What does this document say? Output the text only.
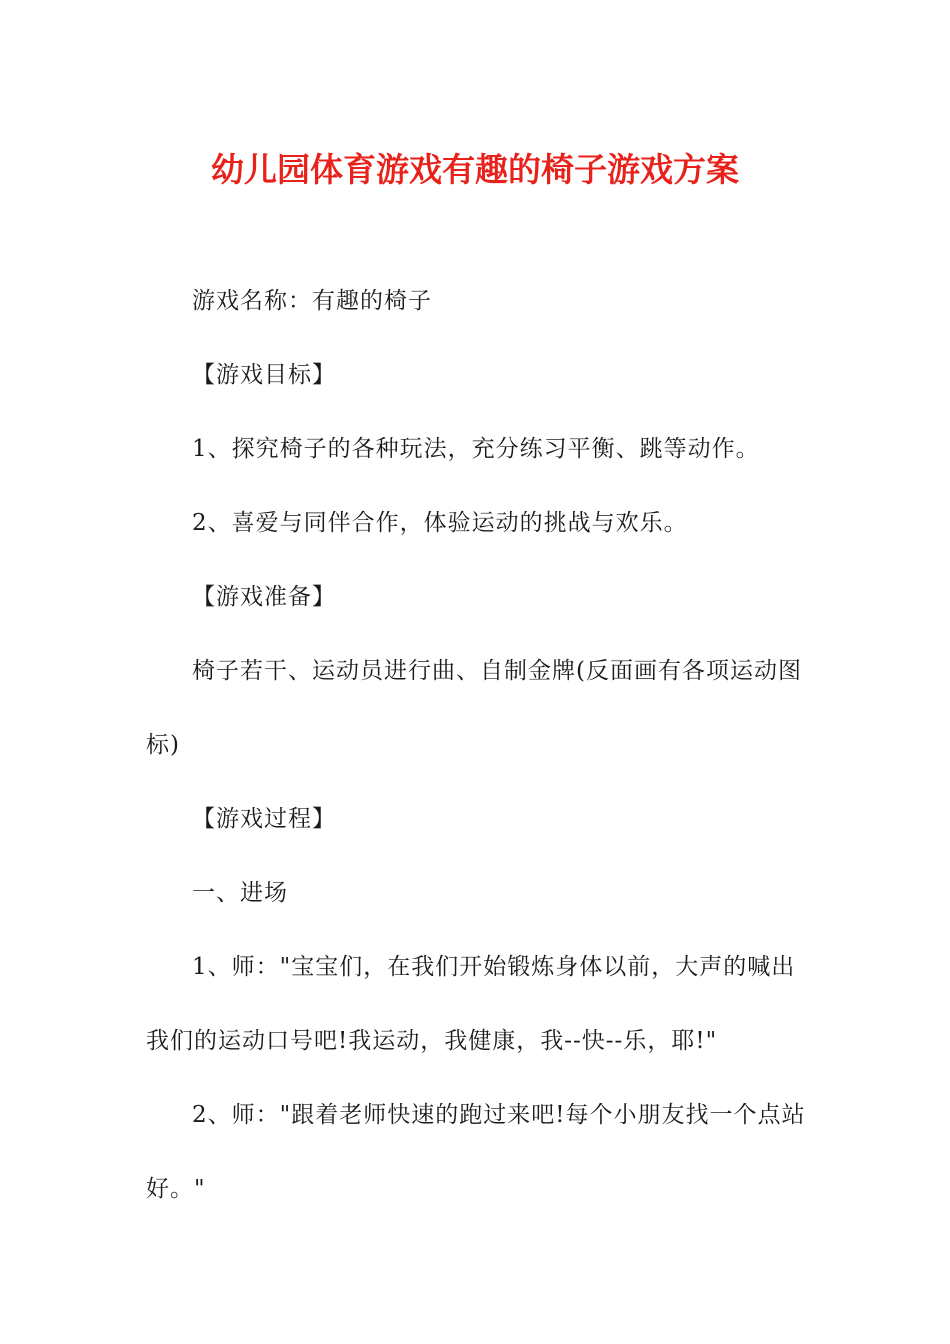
幼儿园体育游戏有趣的椅子游戏方案

游戏名称：有趣的椅子

【游戏目标】

1、探究椅子的各种玩法，充分练习平衡、跳等动作。

2、喜爱与同伴合作，体验运动的挑战与欢乐。

【游戏准备】

椅子若干、运动员进行曲、自制金牌(反面画有各项运动图标)

【游戏过程】

一、进场

1、师："宝宝们，在我们开始锻炼身体以前，大声的喊出我们的运动口号吧!我运动，我健康，我--快--乐，耶!"

2、师："跟着老师快速的跑过来吧!每个小朋友找一个点站好。"
